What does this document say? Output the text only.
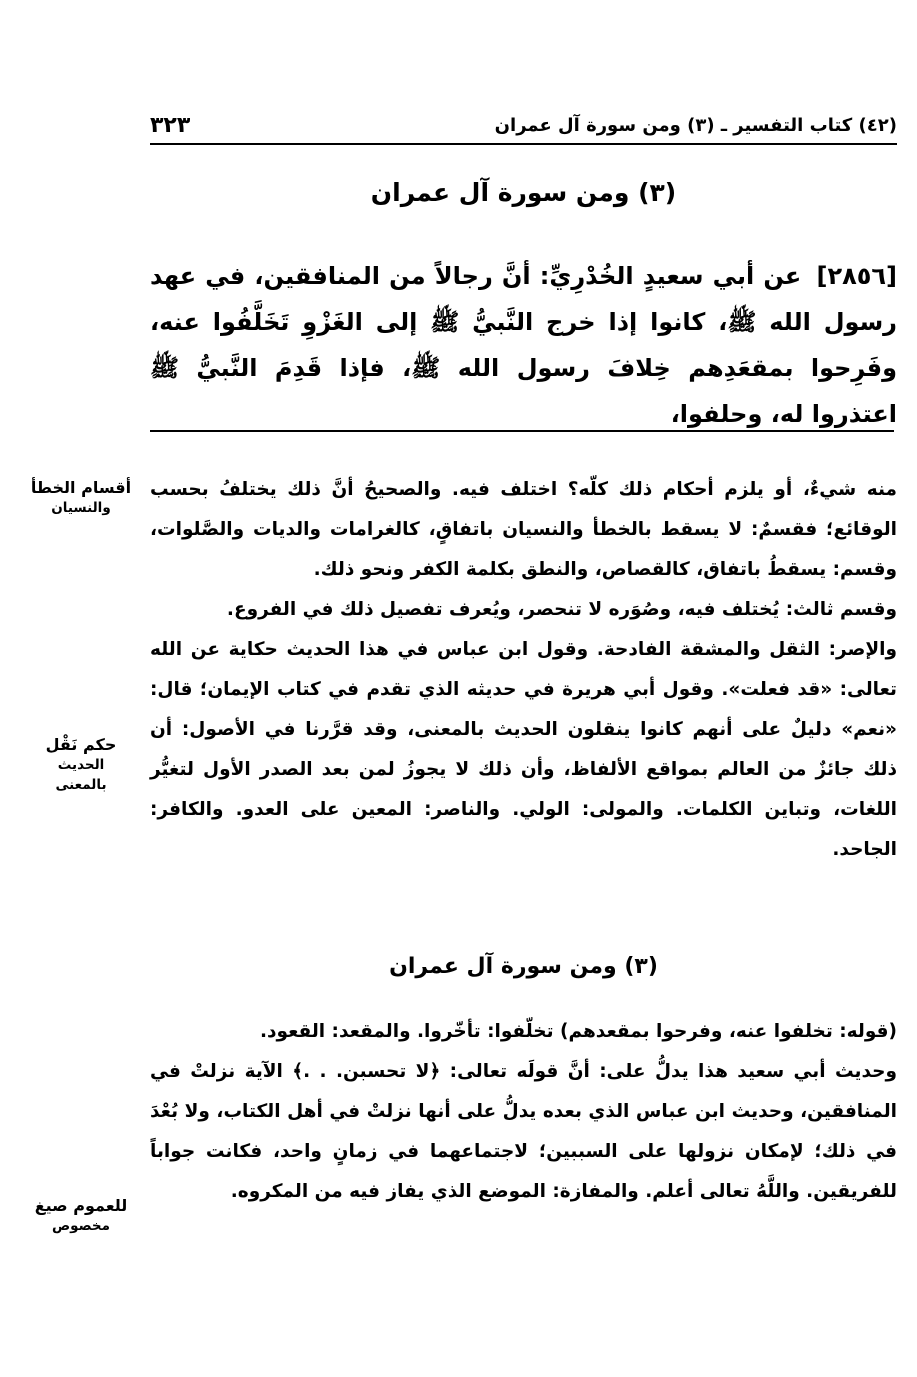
٣٢٣	(٤٢) كتاب التفسير ـ (٣) ومن سورة آل عمران
(٣) ومن سورة آل عمران
[٢٨٥٦] عن أبي سعيدٍ الخُدْرِيِّ: أنَّ رجالاً من المنافقين، في عهد رسول الله ﷺ، كانوا إذا خرج النَّبيُّ ﷺ إلى الغَزْوِ تَخَلَّفُوا عنه، وفَرِحوا بمقعَدِهم خِلافَ رسول الله ﷺ، فإذا قَدِمَ النَّبيُّ ﷺ اعتذروا له، وحلفوا،

منه شيءٌ، أو يلزم أحكام ذلك كلّه؟ اختلف فيه. والصحيحُ أنَّ ذلك يختلفُ بحسب الوقائع؛ فقسمٌ: لا يسقط بالخطأ والنسيان باتفاقٍ، كالغرامات والديات والصَّلوات، وقسم: يسقطُ باتفاق، كالقصاص، والنطق بكلمة الكفر ونحو ذلك.

وقسم ثالث: يُختلف فيه، وصُوَره لا تنحصر، ويُعرف تفصيل ذلك في الفروع.

والإصر: الثقل والمشقة الفادحة. وقول ابن عباس في هذا الحديث حكاية عن الله تعالى: «قد فعلت». وقول أبي هريرة في حديثه الذي تقدم في كتاب الإيمان؛ قال: «نعم» دليلٌ على أنهم كانوا ينقلون الحديث بالمعنى، وقد قرَّرنا في الأصول: أن ذلك جائزٌ من العالم بمواقع الألفاظ، وأن ذلك لا يجوزُ لمن بعد الصدر الأول لتغيُّر اللغات، وتباين الكلمات. والمولى: الولي. والناصر: المعين على العدو. والكافر: الجاحد.

أقسام الخطأ
والنسيان
حكم نَقْل
الحديث
بالمعنى
(٣) ومن سورة آل عمران

(قوله: تخلفوا عنه، وفرحوا بمقعدهم) تخلّفوا: تأخّروا. والمقعد: القعود.

وحديث أبي سعيد هذا يدلُّ على: أنَّ قولَه تعالى: ﴿لا تحسبن. . .﴾ الآية نزلتْ في المنافقين، وحديث ابن عباس الذي بعده يدلُّ على أنها نزلتْ في أهل الكتاب، ولا بُعْدَ في ذلك؛ لإمكان نزولها على السببين؛ لاجتماعهما في زمانٍ واحد، فكانت جواباً للفريقين. واللَّهُ تعالى أعلم. والمفازة: الموضع الذي يفاز فيه من المكروه.

للعموم صيغ
مخصوص
